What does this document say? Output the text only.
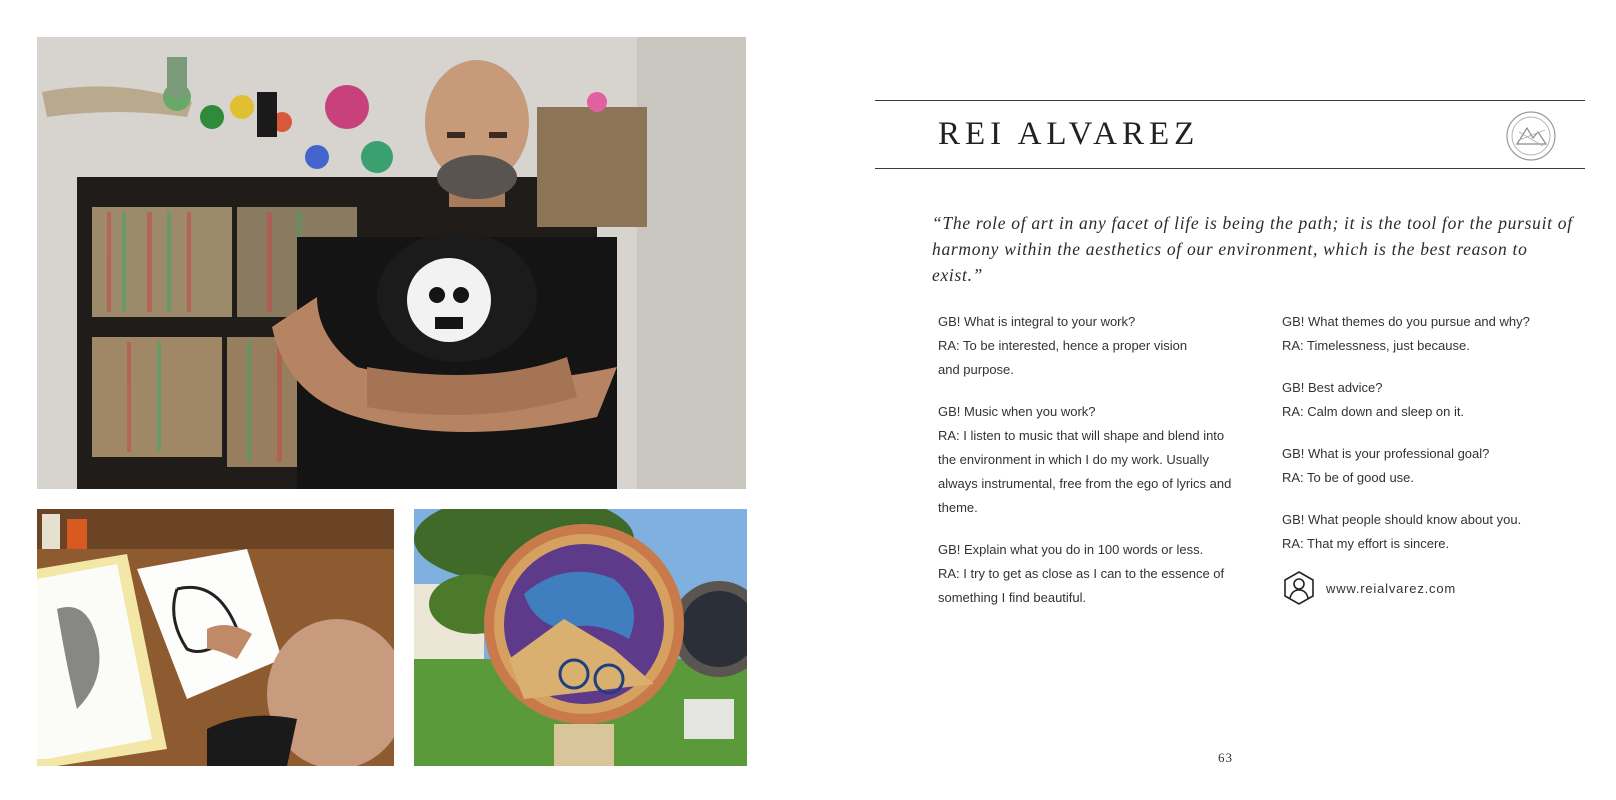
REI ALVAREZ
“The role of art in any facet of life is being the path; it is the tool for the pursuit of harmony within the aesthetics of our environment, which is the best reason to exist.”

GB! What is integral to your work?

RA: To be interested, hence a proper vision and purpose.

GB! Music when you work?

RA: I listen to music that will shape and blend into the environment in which I do my work. Usually always instrumental, free from the ego of lyrics and theme.

GB! Explain what you do in 100 words or less.

RA: I try to get as close as I can to the essence of something I find beautiful.

GB! What themes do you pursue and why?

RA: Timelessness, just because.

GB! Best advice?

RA: Calm down and sleep on it.

GB! What is your professional goal?

RA: To be of good use.

GB! What people should know about you.

RA: That my effort is sincere.

www.reialvarez.com
63
